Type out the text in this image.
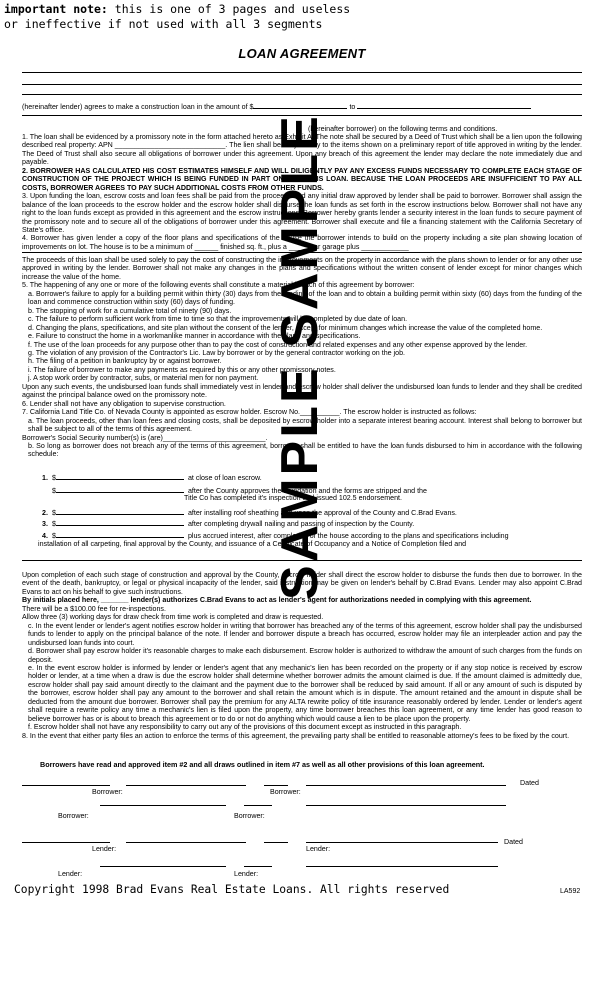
important note: this is one of 3 pages and useless
or ineffective if not used with all 3 segments
LOAN AGREEMENT
(hereinafter lender) agrees to make a construction loan in the amount of $	to
(hereinafter borrower) on the following terms and conditions.

1. The loan shall be evidenced by a promissory note in the form attached hereto as Exhibit A. The note shall be secured by a Deed of Trust which shall be a lien upon the following described real property: APN ____________________________. The lien shall be subject only to the items shown on a preliminary report of title approved in writing by the lender. The Deed of Trust shall also secure all obligations of borrower under this agreement. Upon any breach of this agreement the lender may declare the note immediately due and payable.

2. BORROWER HAS CALCULATED HIS COST ESTIMATES HIMSELF AND WILL DILIGENTLY PAY ANY EXCESS FUNDS NECESSARY TO COMPLETE EACH STAGE OF CONSTRUCTION OF THE PROJECT WHICH IS BEING FUNDED IN PART ONLY BY THIS LOAN. BECAUSE THE LOAN PROCEEDS ARE INSUFFICIENT TO PAY ALL COSTS, BORROWER AGREES TO PAY SUCH ADDITIONAL COSTS FROM OTHER FUNDS.

3. Upon funding the loan, escrow costs and loan fees shall be paid from the proceeds and any initial draw approved by lender shall be paid to borrower. Borrower shall assign the balance of the loan proceeds to the escrow holder and the escrow holder shall disburse the loan funds as set forth in the escrow instructions below. Borrower shall not have any right to the loan funds except as provided in this agreement and the escrow instructions. Borrower hereby grants lender a security interest in the loan funds to secure payment of the promissory note and to secure all of the obligations of borrower under this agreement. Borrower shall execute and file a financing statement with the California Secretary of State's office.

4. Borrower has given lender a copy of the floor plans and specifications of the house the borrower intends to build on the property including a site plan showing location of improvements on lot. The house is to be a minimum of ______ finished sq. ft., plus a _____ car garage plus ____________

The proceeds of this loan shall be used solely to pay the cost of constructing the improvements on the property in accordance with the plans shown to lender or for any other use approved in writing by the lender. Borrower shall not make any changes in the plans and specifications without the written consent of lender except for minor changes which increase the value of the home.

5. The happening of any one or more of the following events shall constitute a material breach of this agreement by borrower:

a. Borrower's failure to apply for a building permit within thirty (30) days from the funding of the loan and to obtain a building permit within sixty (60) days from the funding of the loan and commence construction within sixty (60) days of funding.

b. The stopping of work for a cumulative total of ninety (90) days.

c. The failure to perform sufficient work from time to time so that the improvements will be completed by due date of loan.

d. Changing the plans, specifications, and site plan without the consent of the lender, except for minimum changes which increase the value of the completed home.

e. Failure to construct the home in a workmanlike manner in accordance with the plans and specifications.

f. The use of the loan proceeds for any purpose other than to pay the cost of construction and related expenses and any other expense approved by the lender.

g. The violation of any provision of the Contractor's Lic. Law by borrower or by the general contractor working on the job.

h. The filing of a petition in bankruptcy by or against borrower.

i. The failure of borrower to make any payments as required by this or any other promissory notes.

j. A stop work order by contractor, subs, or material men for non payment.

Upon any such events, the undisbursed loan funds shall immediately vest in lender and escrow holder shall deliver the undisbursed loan funds to lender and they shall be credited against the principal balance owed on the promissory note.

6. Lender shall not have any obligation to supervise construction.

7. California Land Title Co. of Nevada County is appointed as escrow holder. Escrow No.__________. The escrow holder is instructed as follows:

a. The loan proceeds, other than loan fees and closing costs, shall be deposited by escrow holder into a separate interest bearing account. Interest shall belong to borrower but shall be subject to all of the terms of this agreement.

Borrower's Social Security number(s) is (are)__________________________.

b. So long as borrower does not breach any of the terms of this agreement, borrower shall be entitled to have the loan funds disbursed to him in accordance with the following schedule:

1. $	at close of loan escrow.
$	after the County approves the foundation and the forms are stripped and the
Title Co has completed it's inspection and issued 102.5 endorsement.
2. $	after installing roof sheathing and upon the approval of the County and C.Brad Evans.
3. $	after completing drywall nailing and passing of inspection by the County.
4. $	plus accrued interest, after completion of the house according to the plans and specifications including
installation of all carpeting, final approval by the County, and issuance of a Certificate of Occupancy and a Notice of Completion filed and

Upon completion of each such stage of construction and approval by the County, escrow holder shall direct the escrow holder to disburse the funds then due to borrower. In the event of the death, bankruptcy, or legal or physical incapacity of the lender, said instruction may be given on lender's behalf by C.Brad Evans. Lender may also appoint C.Brad Evans to act on his behalf to give such instructions.

By initials placed here, _______ lender(s) authorizes C.Brad Evans to act as lender's agent for authorizations needed in complying with this agreement.

There will be a $100.00 fee for re-inspections.

Allow three (3) working days for draw check from time work is completed and draw is requested.

c. In the event lender or lender's agent notifies escrow holder in writing that borrower has breached any of the terms of this agreement, escrow holder shall pay the undisbursed funds to lender to apply on the principal balance of the note. If lender and borrower dispute a breach has occurred, escrow holder may file an interpleader action and pay the undisbursed loan funds into court.

d. Borrower shall pay escrow holder it's reasonable charges to make each disbursement. Escrow holder is authorized to withdraw the amount of such charges from the funds on deposit.

e. In the event escrow holder is informed by lender or lender's agent that any mechanic's lien has been recorded on the property or if any stop notice is received by escrow holder or lender, at a time when a draw is due the escrow holder shall determine whether borrower admits the amount claimed is due. If the amount claimed is admittedly due, escrow holder shall pay said amount directly to the claimant and the payment due to the borrower shall be reduced by said amount. If all or any amount of such is disputed by the borrower, escrow holder shall pay any amount to the borrower and shall retain the amount which is in dispute. The amount retained and the amount in dispute shall be deducted from the amount due borrower. Borrower shall pay the premium for any ALTA rewrite policy of title insurance reasonably ordered by lender. Lender or lender's agent shall require a rewrite policy any time a mechanic's lien is filed upon the property, any time borrower breaches this loan agreement, or any time lender has good reason to believe borrower has or is about to breach this agreement or to do or not do anything which would cause a lien to be place upon the property.

f. Escrow holder shall not have any responsibility to carry out any of the provisions of this document except as instructed in this paragraph.

8. In the event that either party files an action to enforce the terms of this agreement, the prevailing party shall be entitled to reasonable attorney's fees to be fixed by the court.

Borrowers have read and approved item #2 and all draws outlined in item #7 as well as all other provisions of this loan agreement.
Dated
Borrower:	Borrower:
Borrower:	Borrower:
Dated
Lender:	Lender:
Lender:	Lender:
Copyright 1998 Brad Evans Real Estate Loans. All rights reserved	LA592
SAMPLE SAMPLE
